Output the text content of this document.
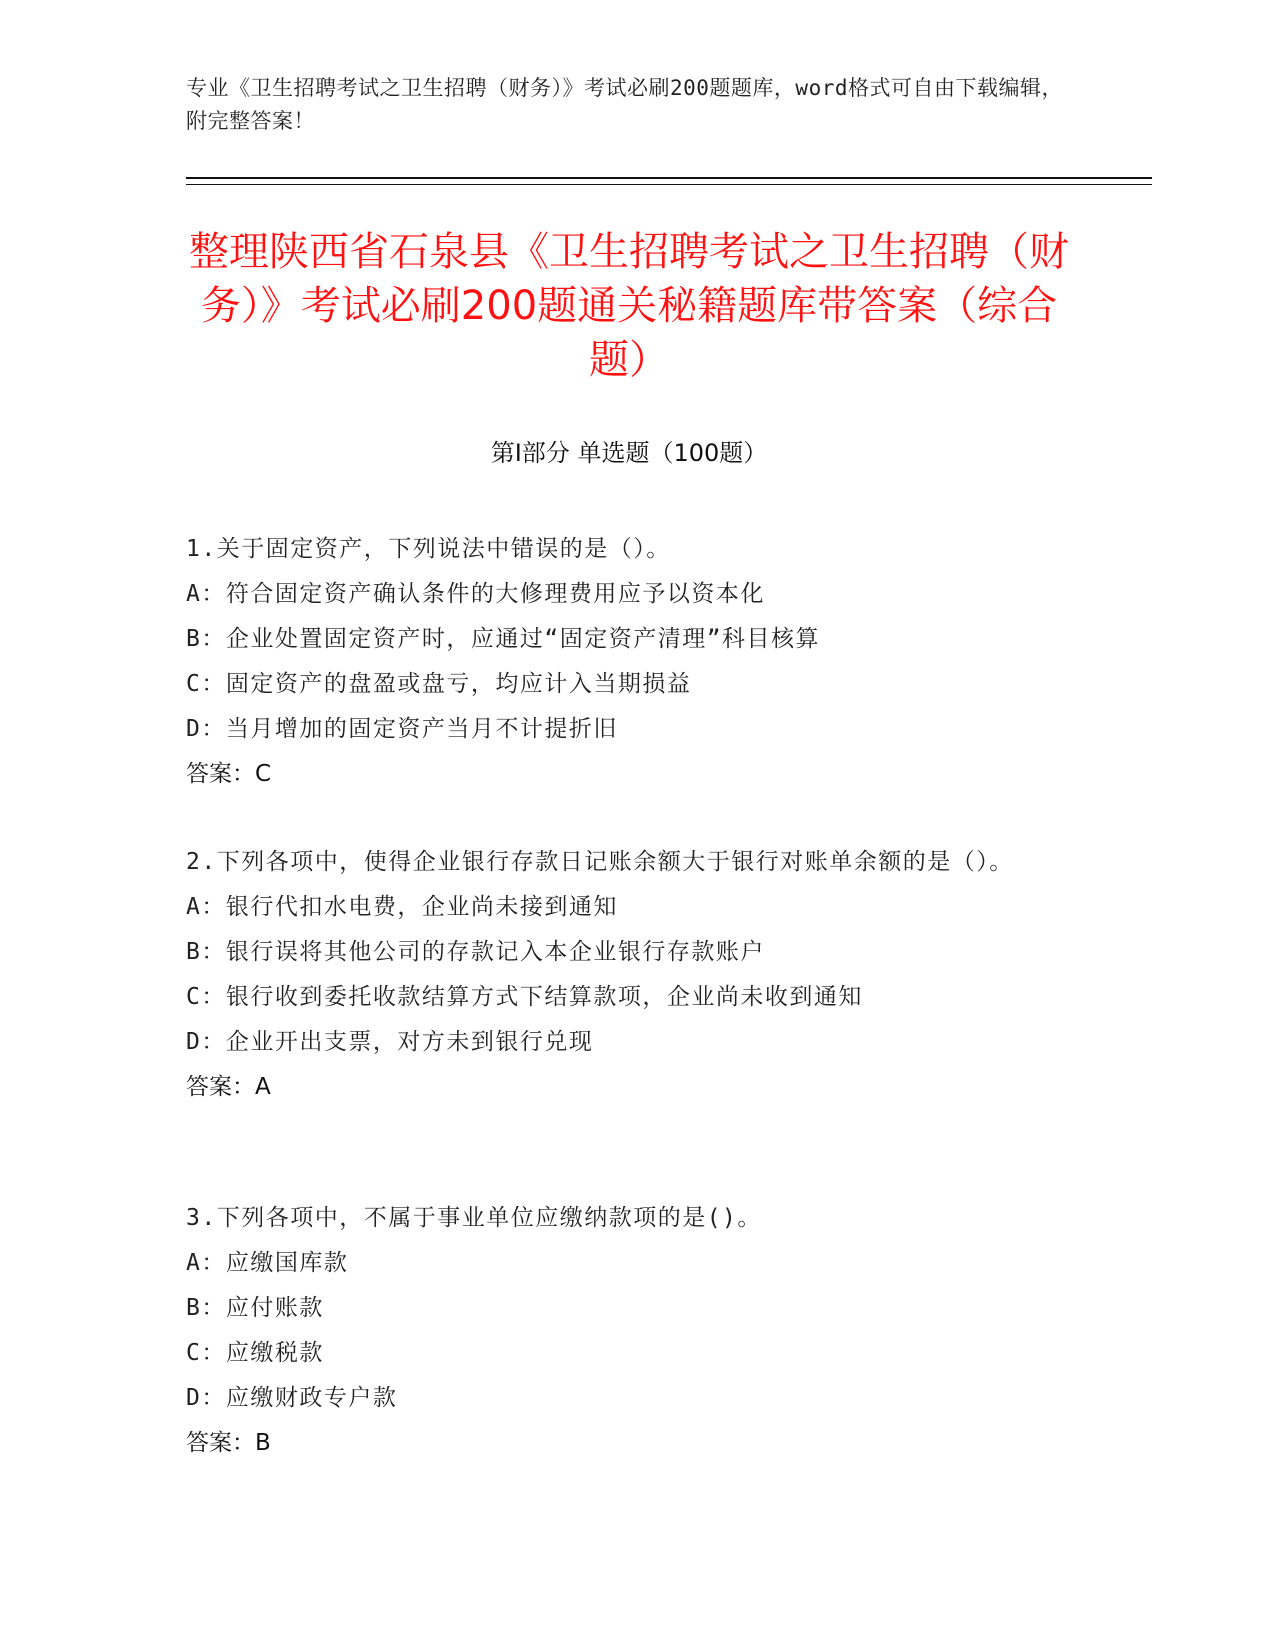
专业《卫生招聘考试之卫生招聘（财务）》考试必刷200题题库，word格式可自由下载编辑，附完整答案！
整理陕西省石泉县《卫生招聘考试之卫生招聘（财务）》考试必刷200题通关秘籍题库带答案（综合题）
第I部分 单选题（100题）
1.关于固定资产，下列说法中错误的是（）。
A：符合固定资产确认条件的大修理费用应予以资本化
B：企业处置固定资产时，应通过“固定资产清理”科目核算
C：固定资产的盘盈或盘亏，均应计入当期损益
D：当月增加的固定资产当月不计提折旧
答案：C
2.下列各项中，使得企业银行存款日记账余额大于银行对账单余额的是（）。
A：银行代扣水电费，企业尚未接到通知
B：银行误将其他公司的存款记入本企业银行存款账户
C：银行收到委托收款结算方式下结算款项，企业尚未收到通知
D：企业开出支票，对方未到银行兑现
答案：A
3.下列各项中，不属于事业单位应缴纳款项的是()。
A：应缴国库款
B：应付账款
C：应缴税款
D：应缴财政专户款
答案：B
